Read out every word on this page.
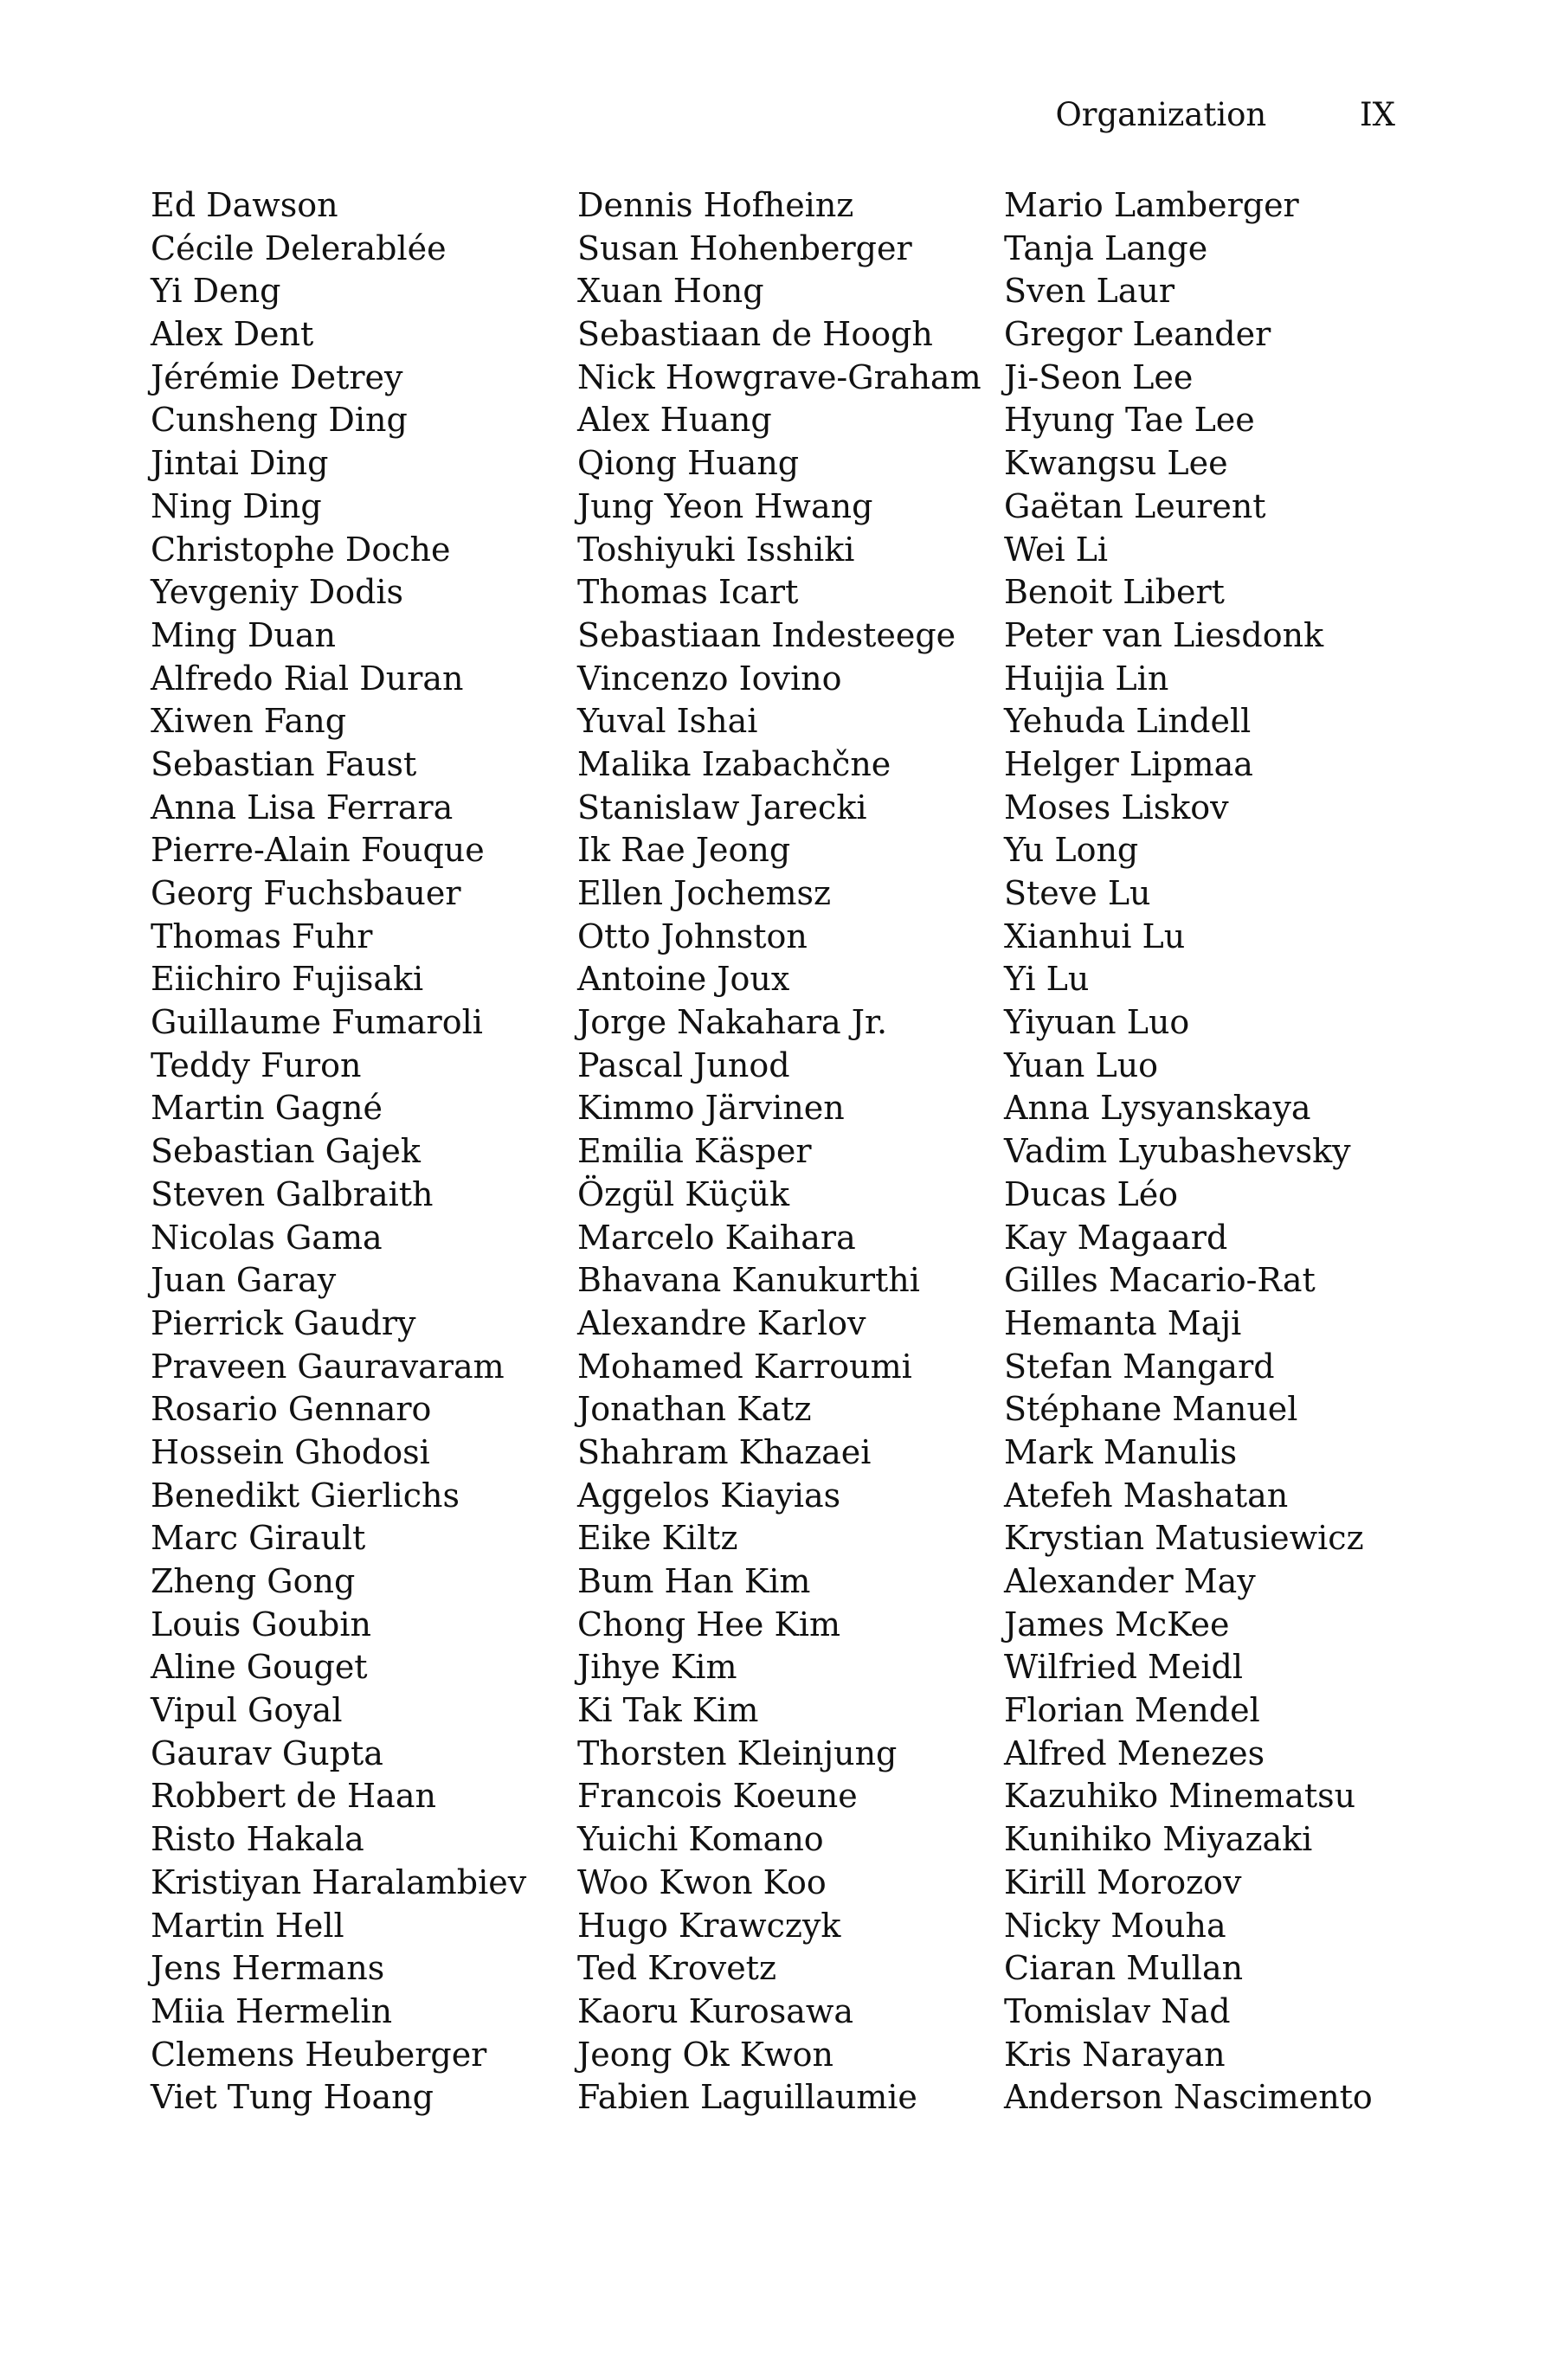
Organization	IX
Ed Dawson
Cécile Delerablée
Yi Deng
Alex Dent
Jérémie Detrey
Cunsheng Ding
Jintai Ding
Ning Ding
Christophe Doche
Yevgeniy Dodis
Ming Duan
Alfredo Rial Duran
Xiwen Fang
Sebastian Faust
Anna Lisa Ferrara
Pierre-Alain Fouque
Georg Fuchsbauer
Thomas Fuhr
Eiichiro Fujisaki
Guillaume Fumaroli
Teddy Furon
Martin Gagné
Sebastian Gajek
Steven Galbraith
Nicolas Gama
Juan Garay
Pierrick Gaudry
Praveen Gauravaram
Rosario Gennaro
Hossein Ghodosi
Benedikt Gierlichs
Marc Girault
Zheng Gong
Louis Goubin
Aline Gouget
Vipul Goyal
Gaurav Gupta
Robbert de Haan
Risto Hakala
Kristiyan Haralambiev
Martin Hell
Jens Hermans
Miia Hermelin
Clemens Heuberger
Viet Tung Hoang
Dennis Hofheinz
Susan Hohenberger
Xuan Hong
Sebastiaan de Hoogh
Nick Howgrave-Graham
Alex Huang
Qiong Huang
Jung Yeon Hwang
Toshiyuki Isshiki
Thomas Icart
Sebastiaan Indesteege
Vincenzo Iovino
Yuval Ishai
Malika Izabachčne
Stanislaw Jarecki
Ik Rae Jeong
Ellen Jochemsz
Otto Johnston
Antoine Joux
Jorge Nakahara Jr.
Pascal Junod
Kimmo Järvinen
Emilia Käsper
Özgül Küçük
Marcelo Kaihara
Bhavana Kanukurthi
Alexandre Karlov
Mohamed Karroumi
Jonathan Katz
Shahram Khazaei
Aggelos Kiayias
Eike Kiltz
Bum Han Kim
Chong Hee Kim
Jihye Kim
Ki Tak Kim
Thorsten Kleinjung
Francois Koeune
Yuichi Komano
Woo Kwon Koo
Hugo Krawczyk
Ted Krovetz
Kaoru Kurosawa
Jeong Ok Kwon
Fabien Laguillaumie
Mario Lamberger
Tanja Lange
Sven Laur
Gregor Leander
Ji-Seon Lee
Hyung Tae Lee
Kwangsu Lee
Gaëtan Leurent
Wei Li
Benoit Libert
Peter van Liesdonk
Huijia Lin
Yehuda Lindell
Helger Lipmaa
Moses Liskov
Yu Long
Steve Lu
Xianhui Lu
Yi Lu
Yiyuan Luo
Yuan Luo
Anna Lysyanskaya
Vadim Lyubashevsky
Ducas Léo
Kay Magaard
Gilles Macario-Rat
Hemanta Maji
Stefan Mangard
Stéphane Manuel
Mark Manulis
Atefeh Mashatan
Krystian Matusiewicz
Alexander May
James McKee
Wilfried Meidl
Florian Mendel
Alfred Menezes
Kazuhiko Minematsu
Kunihiko Miyazaki
Kirill Morozov
Nicky Mouha
Ciaran Mullan
Tomislav Nad
Kris Narayan
Anderson Nascimento
